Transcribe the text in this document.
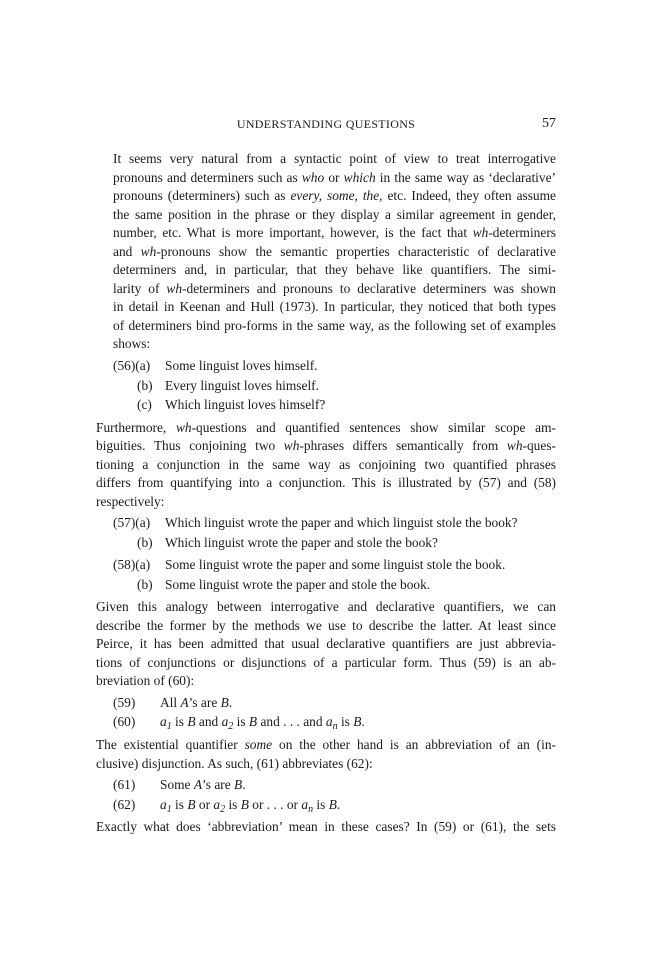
UNDERSTANDING QUESTIONS	57

It seems very natural from a syntactic point of view to treat interrogative
pronouns and determiners such as who or which in the same way as ‘declarative’
pronouns (determiners) such as every, some, the, etc. Indeed, they often assume
the same position in the phrase or they display a similar agreement in gender,
number, etc. What is more important, however, is the fact that wh-determiners
and wh-pronouns show the semantic properties characteristic of declarative
determiners and, in particular, that they behave like quantifiers. The simi-
larity of wh-determiners and pronouns to declarative determiners was shown
in detail in Keenan and Hull (1973). In particular, they noticed that both types
of determiners bind pro-forms in the same way, as the following set of examples
shows:

(56)(a)	Some linguist loves himself.
(b) Every linguist loves himself.
(c) Which linguist loves himself?

Furthermore, wh-questions and quantified sentences show similar scope am-
biguities. Thus conjoining two wh-phrases differs semantically from wh-ques-
tioning a conjunction in the same way as conjoining two quantified phrases
differs from quantifying into a conjunction. This is illustrated by (57) and (58)
respectively:

(57)(a)	Which linguist wrote the paper and which linguist stole the book?
(b) Which linguist wrote the paper and stole the book?
(58)(a)	Some linguist wrote the paper and some linguist stole the book.
(b) Some linguist wrote the paper and stole the book.

Given this analogy between interrogative and declarative quantifiers, we can
describe the former by the methods we use to describe the latter. At least since
Peirce, it has been admitted that usual declarative quantifiers are just abbrevia-
tions of conjunctions or disjunctions of a particular form. Thus (59) is an ab-
breviation of (60):

(59)	All A’s are B.
(60)	$a_1$ is B and $a_2$ is B and . . . and $a_n$ is B.

The existential quantifier some on the other hand is an abbreviation of an (in-
clusive) disjunction. As such, (61) abbreviates (62):

(61)	Some A’s are B.
(62)	$a_1$ is B or $a_2$ is B or . . . or $a_n$ is B.

Exactly what does ‘abbreviation’ mean in these cases? In (59) or (61), the sets
